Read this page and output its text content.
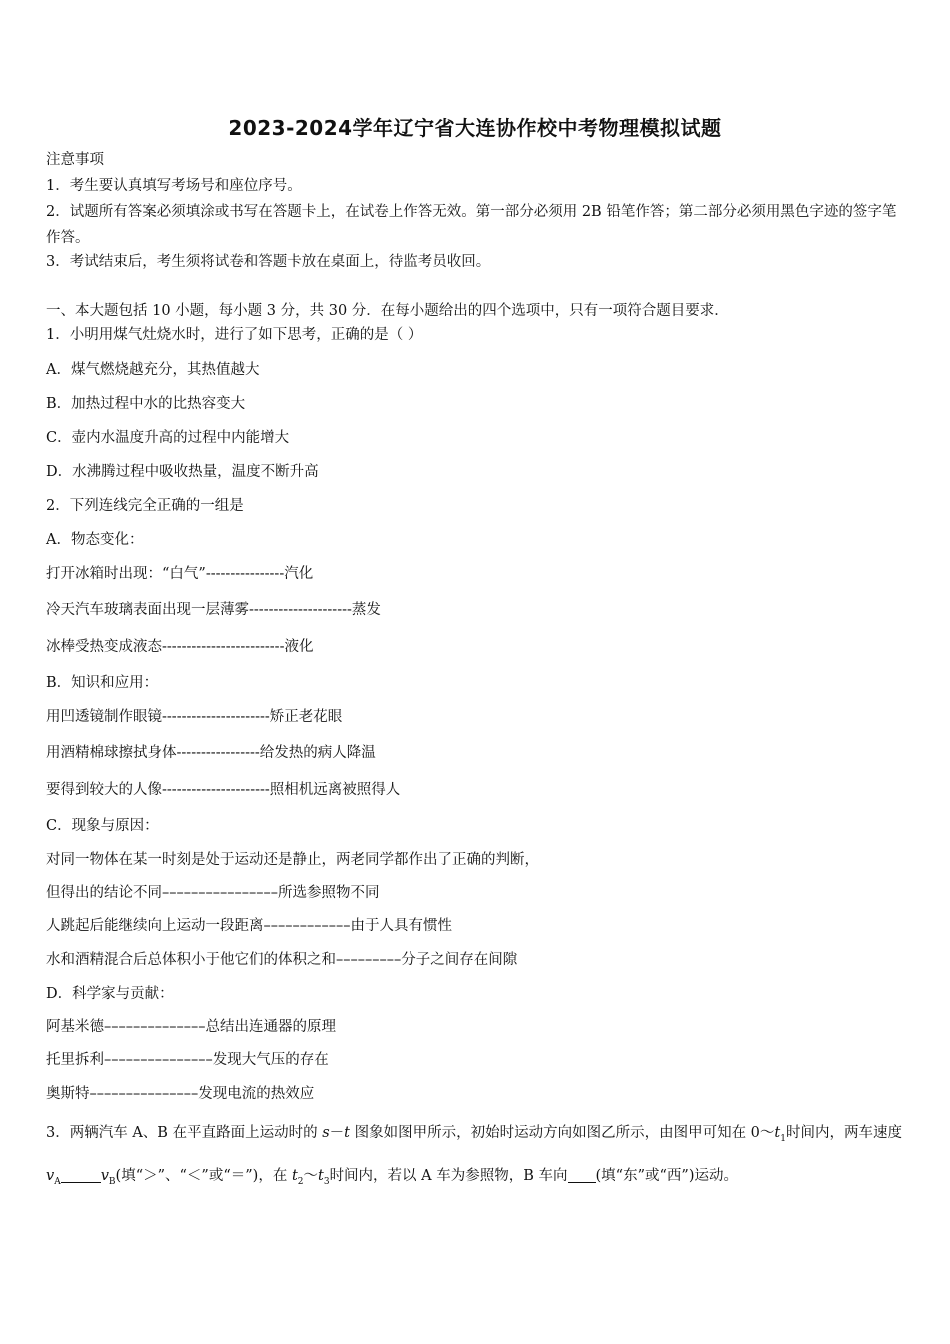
2023-2024学年辽宁省大连协作校中考物理模拟试题

注意事项

1．考生要认真填写考场号和座位序号。

2．试题所有答案必须填涂或书写在答题卡上，在试卷上作答无效。第一部分必须用 2B 铅笔作答；第二部分必须用黑色字迹的签字笔作答。

3．考试结束后，考生须将试卷和答题卡放在桌面上，待监考员收回。

一、本大题包括 10 小题，每小题 3 分，共 30 分．在每小题给出的四个选项中，只有一项符合题目要求．

1．小明用煤气灶烧水时，进行了如下思考，正确的是（ ）

A．煤气燃烧越充分，其热值越大

B．加热过程中水的比热容变大

C．壶内水温度升高的过程中内能增大

D．水沸腾过程中吸收热量，温度不断升高

2．下列连线完全正确的一组是

A．物态变化：

打开冰箱时出现：“白气”----------------汽化

冷天汽车玻璃表面出现一层薄雾---------------------蒸发

冰棒受热变成液态-------------------------液化

B．知识和应用：

用凹透镜制作眼镜----------------------矫正老花眼

用酒精棉球擦拭身体-----------------给发热的病人降温

要得到较大的人像----------------------照相机远离被照得人

C．现象与原因：

对同一物体在某一时刻是处于运动还是静止，两老同学都作出了正确的判断，

但得出的结论不同––––––––––––––––所选参照物不同

人跳起后能继续向上运动一段距离––––––––––––由于人具有惯性

水和酒精混合后总体积小于他它们的体积之和–––––––––分子之间存在间隙

D．科学家与贡献：

阿基米德––––––––––––––总结出连通器的原理

托里拆利–––––––––––––––发现大气压的存在

奥斯特–––––––––––––––发现电流的热效应

3．两辆汽车 A、B 在平直路面上运动时的 s－t 图象如图甲所示，初始时运动方向如图乙所示，由图甲可知在 $0\sim t_1$时间内，两车速度 $v_A$	$v_B$(填“＞”、“＜”或“＝”)，在 $t_2\sim t_3$时间内，若以 A 车为参照物，B 车向 (填“东”或“西”)运动。
